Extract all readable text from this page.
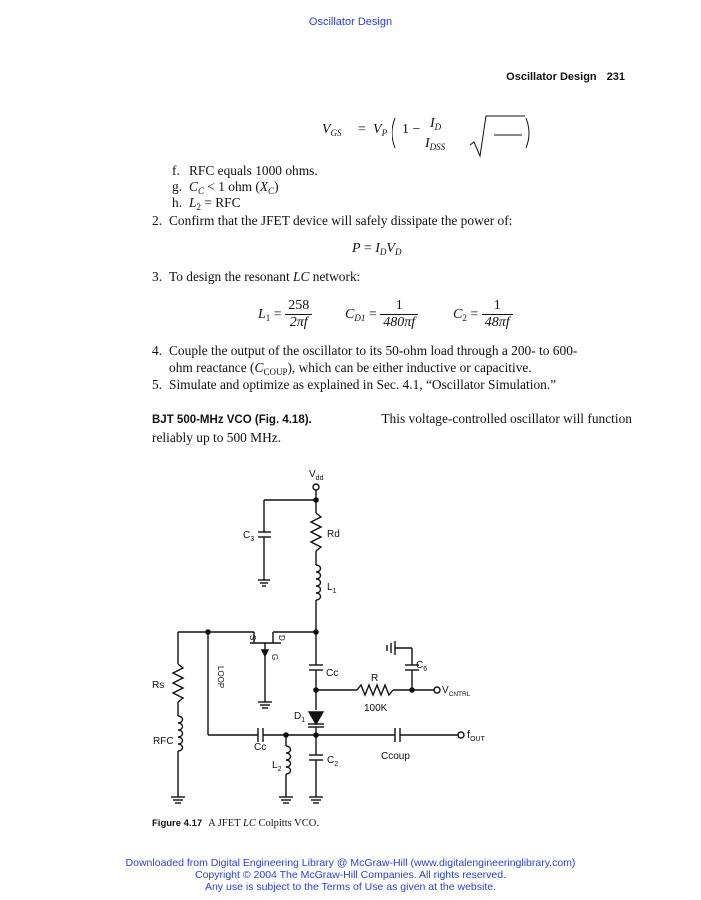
Oscillator Design
Oscillator Design 231
$V_{GS} = V_P$ $1 - I_D$
$I_{DSS}$
f. RFC equals 1000 ohms.
g. $C_C < 1$ ohm $(X_C)$
h. $L_2$ = RFC
2. Confirm that the JFET device will safely dissipate the power of:
$P = I_DV_D$
3. To design the resonant LC network:
$L_1 = \frac{258}{2\pi f} C_{D1} = \frac{1}{480\pi f} C_2 = \frac{1}{48\pi f}$
4. Couple the output of the oscillator to its 50-ohm load through a 200- to 600-
ohm reactance $(C_{COUP})$, which can be either inductive or capacitive.
5. Simulate and optimize as explained in Sec. 4.1, “Oscillator Simulation.”
BJT 500-MHz VCO (Fig. 4.18).	This voltage-controlled oscillator will function
reliably up to 500 MHz.
$V_{dd}$
$C_3$	Rd
$L_1$
S	D
G
LOOP
Rs
Cc
$C_6$
R
100K
$V_{CNTRL}$
$D_1$
RFC
Cc
$f_{OUT}$
Ccoup
$L_2$
$C_2$
Figure 4.17 A JFET LC Colpitts VCO.
Downloaded from Digital Engineering Library @ McGraw-Hill (www.digitalengineeringlibrary.com)
Copyright © 2004 The McGraw-Hill Companies. All rights reserved.
Any use is subject to the Terms of Use as given at the website.
